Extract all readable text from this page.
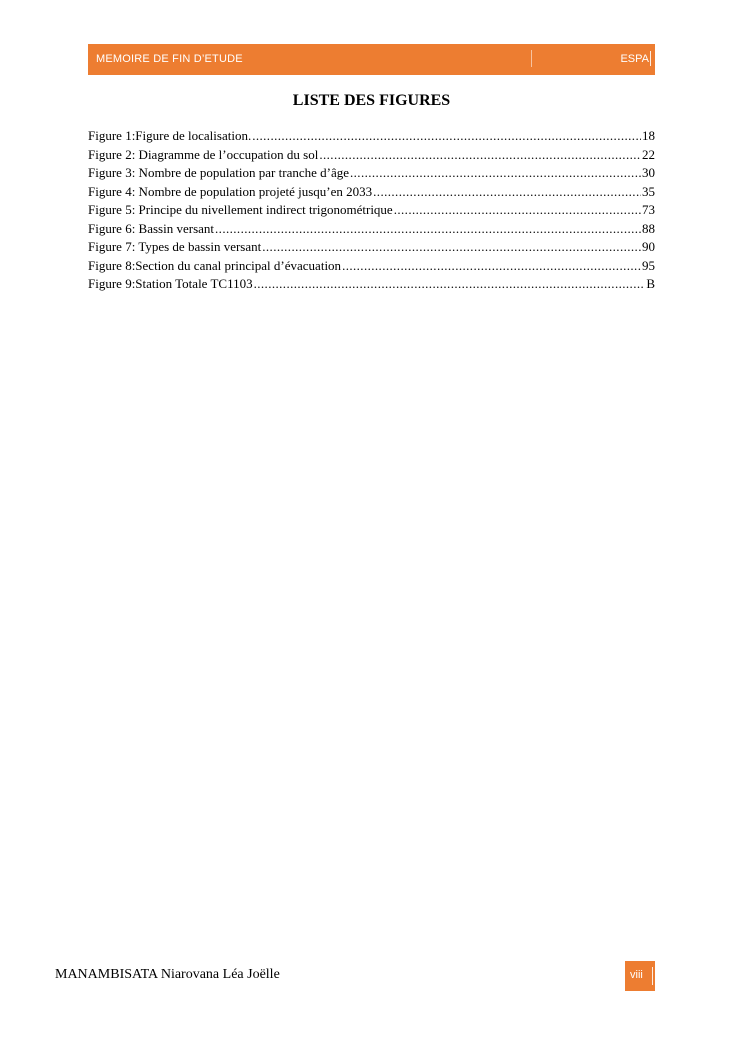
MEMOIRE DE FIN D’ETUDE	ESPA
LISTE DES FIGURES
Figure 1:Figure de localisation. .....	18
Figure 2: Diagramme de l’occupation du sol .....	22
Figure 3: Nombre de population par tranche d’âge .....	30
Figure 4: Nombre de population projeté jusqu’en 2033 .....	35
Figure 5: Principe du nivellement indirect trigonométrique .....	73
Figure 6: Bassin versant .....	88
Figure 7: Types de bassin versant .....	90
Figure 8:Section du canal principal d’évacuation .....	95
Figure 9:Station Totale TC1103 .....	B
MANAMBISATA Niarovana Léa Joëlle	viii
